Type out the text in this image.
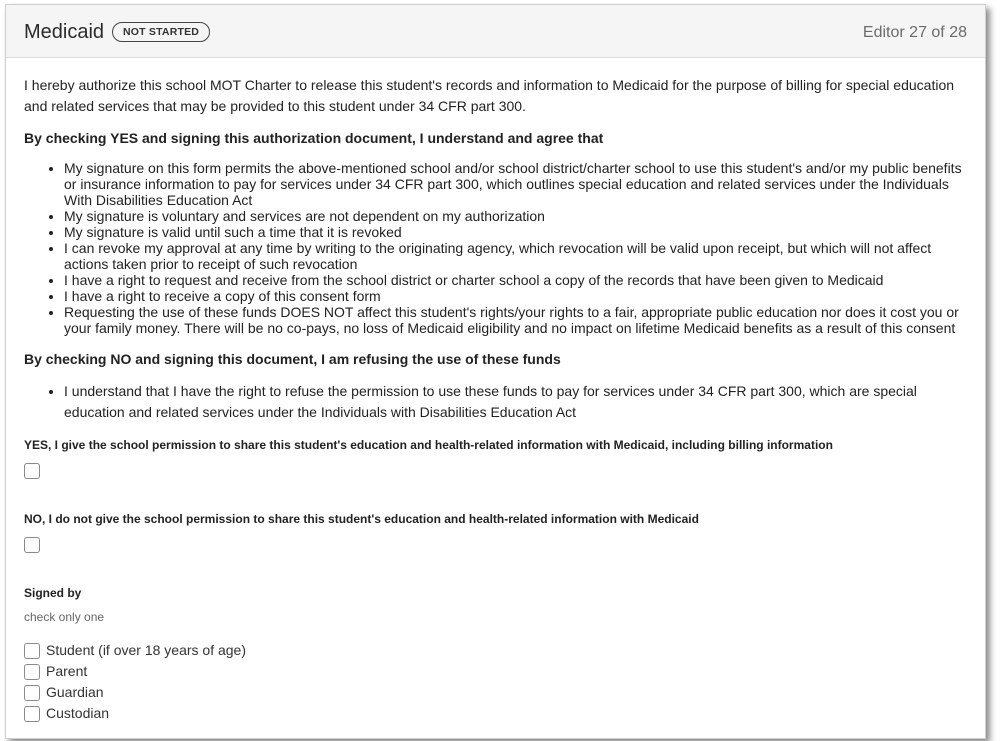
Medicaid	NOT STARTED	Editor 27 of 28

I hereby authorize this school MOT Charter to release this student's records and information to Medicaid for the purpose of billing for special education and related services that may be provided to this student under 34 CFR part 300.

By checking YES and signing this authorization document, I understand and agree that

• My signature on this form permits the above-mentioned school and/or school district/charter school to use this student's and/or my public benefits or insurance information to pay for services under 34 CFR part 300, which outlines special education and related services under the Individuals With Disabilities Education Act
• My signature is voluntary and services are not dependent on my authorization
• My signature is valid until such a time that it is revoked
• I can revoke my approval at any time by writing to the originating agency, which revocation will be valid upon receipt, but which will not affect actions taken prior to receipt of such revocation
• I have a right to request and receive from the school district or charter school a copy of the records that have been given to Medicaid
• I have a right to receive a copy of this consent form
• Requesting the use of these funds DOES NOT affect this student's rights/your rights to a fair, appropriate public education nor does it cost you or your family money. There will be no co-pays, no loss of Medicaid eligibility and no impact on lifetime Medicaid benefits as a result of this consent

By checking NO and signing this document, I am refusing the use of these funds

• I understand that I have the right to refuse the permission to use these funds to pay for services under 34 CFR part 300, which are special education and related services under the Individuals with Disabilities Education Act
YES, I give the school permission to share this student's education and health-related information with Medicaid, including billing information
NO, I do not give the school permission to share this student's education and health-related information with Medicaid
Signed by
check only one
Student (if over 18 years of age)
Parent
Guardian
Custodian
